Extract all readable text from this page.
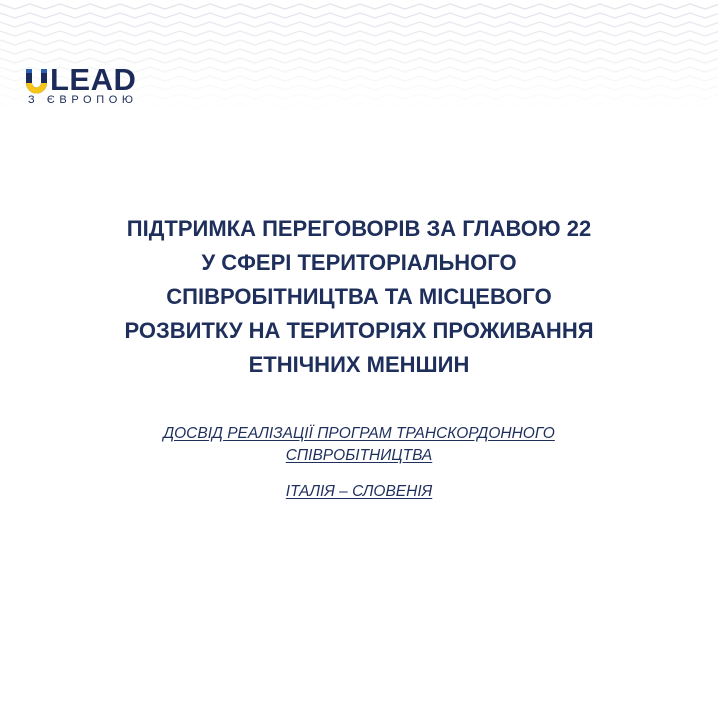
LEAD
З ЄВРОПОЮ
ПІДТРИМКА ПЕРЕГОВОРІВ ЗА ГЛАВОЮ 22
У СФЕРІ ТЕРИТОРІАЛЬНОГО
СПІВРОБІТНИЦТВА ТА МІСЦЕВОГО
РОЗВИТКУ НА ТЕРИТОРІЯХ ПРОЖИВАННЯ
ЕТНІЧНИХ МЕНШИН

ДОСВІД РЕАЛІЗАЦІЇ ПРОГРАМ ТРАНСКОРДОННОГО
СПІВРОБІТНИЦТВА

ІТАЛІЯ – СЛОВЕНІЯ
